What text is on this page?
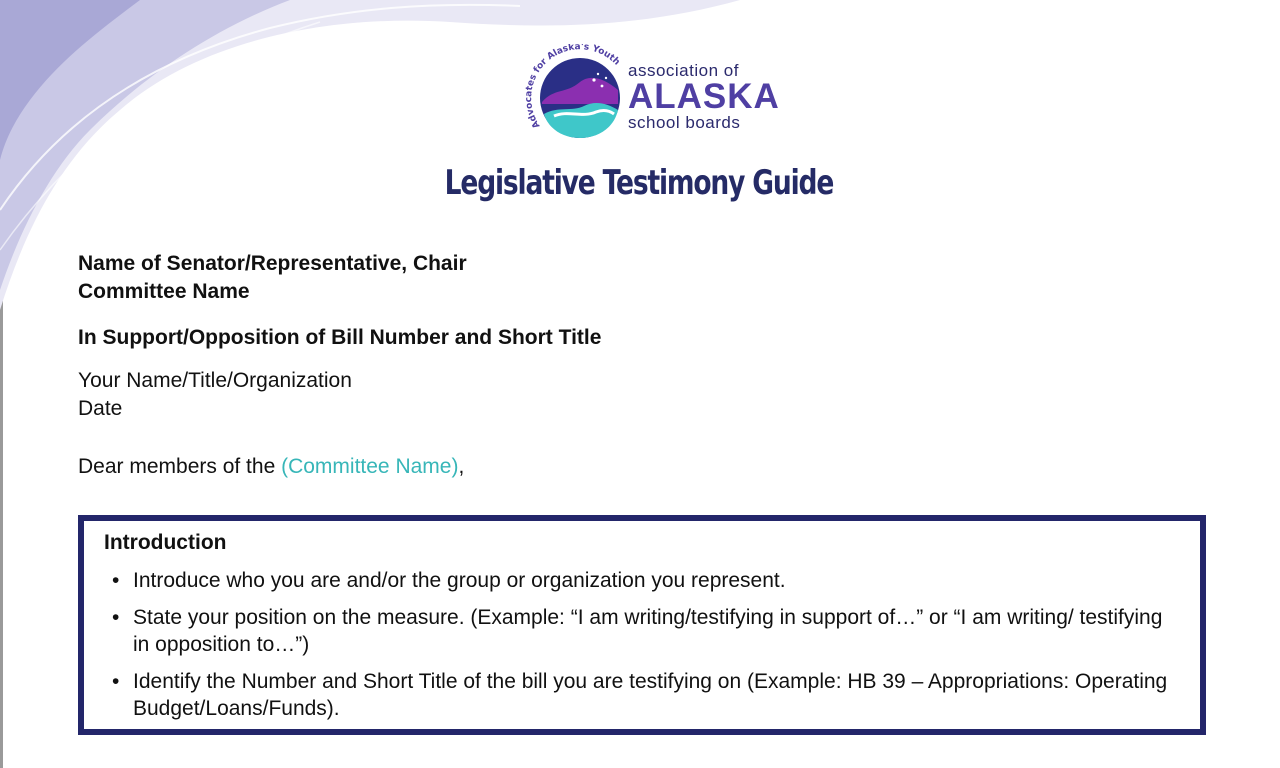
Advocates for Alaska's Youth association of
ALASKA
school boards
Legislative Testimony Guide
Name of Senator/Representative, Chair
Committee Name
In Support/Opposition of Bill Number and Short Title
Your Name/Title/Organization
Date
Dear members of the (Committee Name),
Introduction
• Introduce who you are and/or the group or organization you represent.
• State your position on the measure. (Example: “I am writing/testifying in support of…” or “I am writing/ testifying in opposition to…”)
• Identify the Number and Short Title of the bill you are testifying on (Example: HB 39 – Appropriations: Operating Budget/Loans/Funds).
